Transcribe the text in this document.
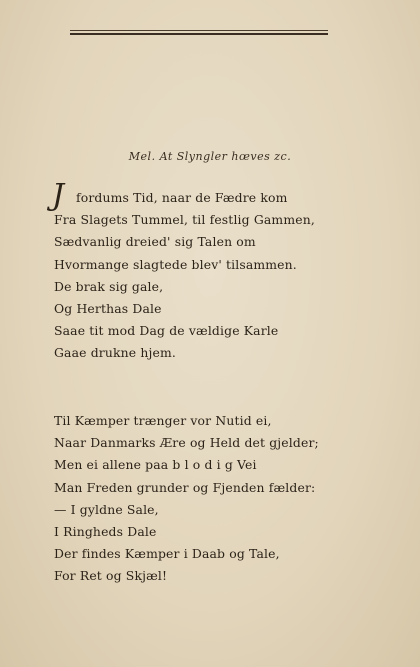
Mel. At Slyngler hœves zc.
J fordums Tid, naar de Fædre kom
Fra Slagets Tummel, til festlig Gammen,
Sædvanlig dreied' sig Talen om
Hvormange slagtede blev' tilsammen.
De brak sig gale,
Og Herthas Dale
Saae tit mod Dag de vældige Karle
Gaae drukne hjem.
Til Kæmper trænger vor Nutid ei,
Naar Danmarks Ære og Held det gjelder;
Men ei allene paa b l o d i g Vei
Man Freden grunder og Fjenden fælder:
— I gyldne Sale,
I Ringheds Dale
Der findes Kæmper i Daab og Tale,
For Ret og Skjæl!
